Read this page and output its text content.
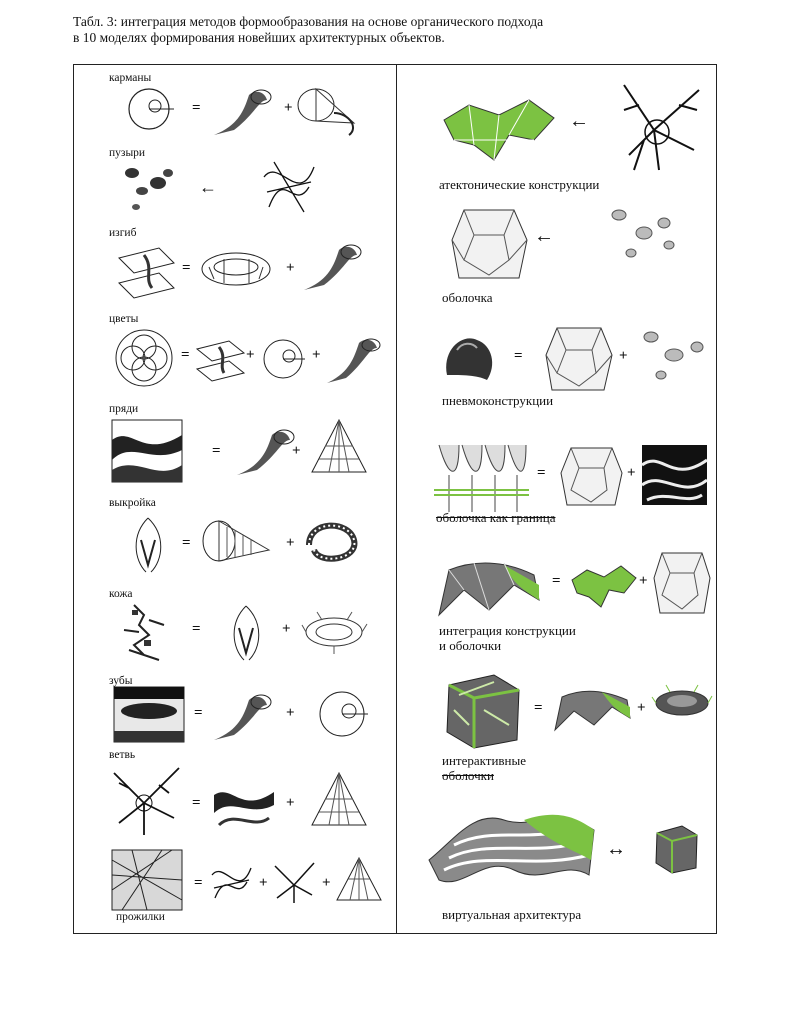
Табл. 3: интеграция методов формообразования на основе органического подхода
в 10 моделях формирования новейших архитектурных объектов.
карманы
=	+
пузыри
←
изгиб
=	+
цветы
=	+	+
пряди
=	+
выкройка
=	+
кожа
=	+
зубы
=	+
ветвь
=	+
прожилки
=	+	+
←
атектонические конструкции
←
оболочка
=	+
пневмоконструкции
=	+
оболочка как граница
=	+
интеграция конструкции
и оболочки
=	+
интерактивные
оболочки
↔
виртуальная архитектура
